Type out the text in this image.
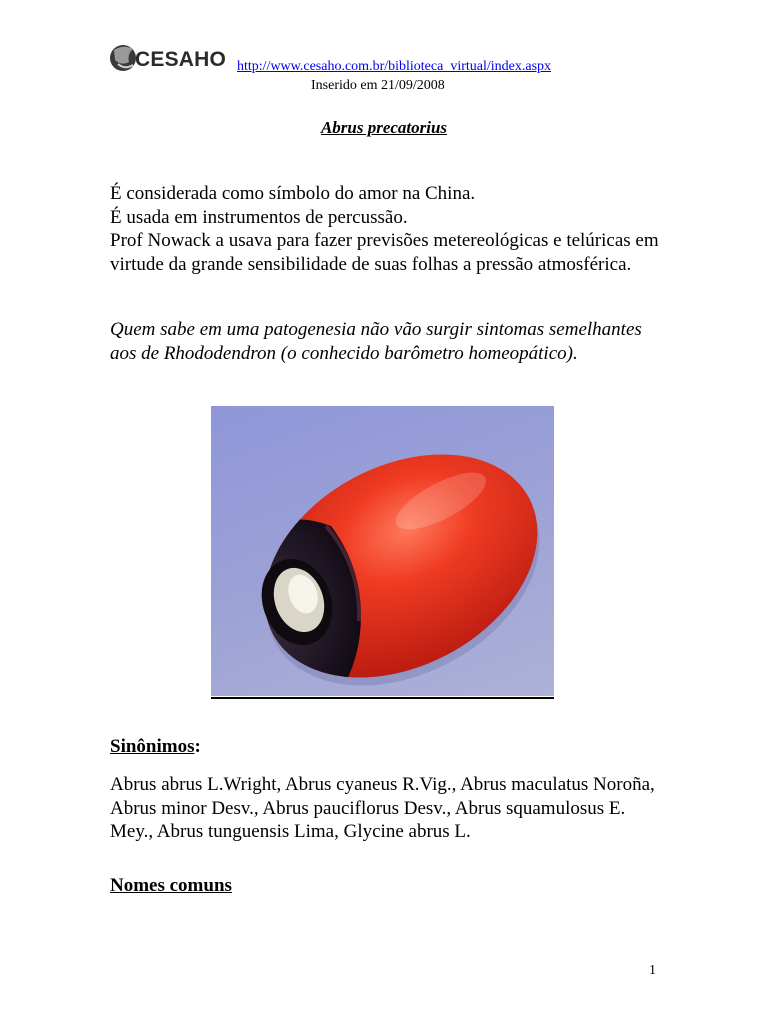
CESAHO http://www.cesaho.com.br/biblioteca_virtual/index.aspx
Inserido em 21/09/2008
Abrus precatorius

É considerada como símbolo do amor na China.

É usada em instrumentos de percussão.

Prof Nowack a usava para fazer previsões metereológicas e telúricas em virtude da grande sensibilidade de suas folhas a pressão atmosférica.

Quem sabe em uma patogenesia não vão surgir sintomas semelhantes aos de Rhododendron (o conhecido barômetro homeopático).

Sinônimos:

Abrus abrus L.Wright, Abrus cyaneus R.Vig., Abrus maculatus Noroña, Abrus minor Desv., Abrus pauciflorus Desv., Abrus squamulosus E. Mey., Abrus tunguensis Lima, Glycine abrus L.

Nomes comuns
1
